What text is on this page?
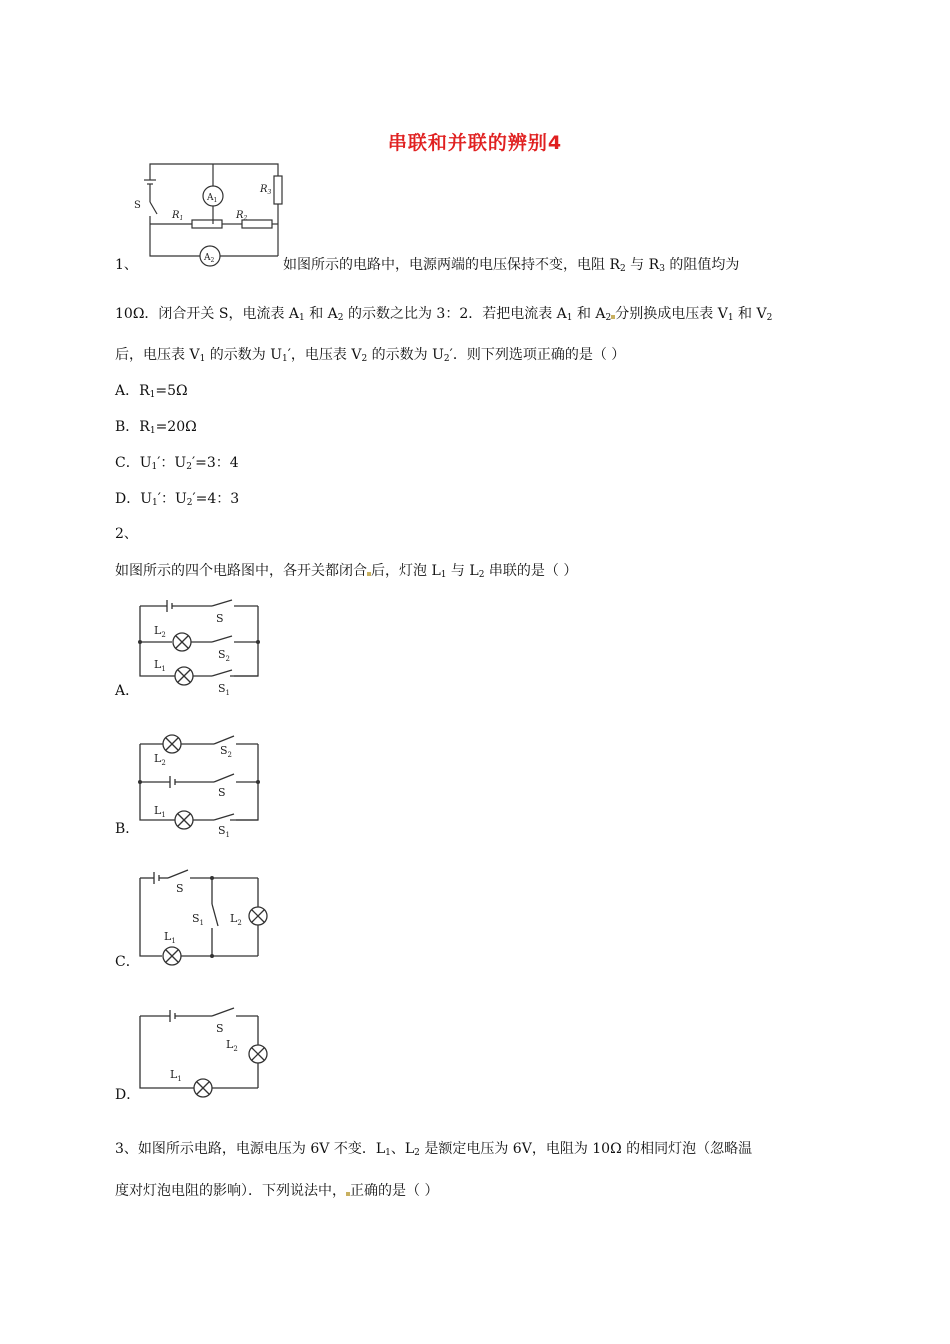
串联和并联的辨别4
S
$A_1$
$A_2$
$R_1$	$R_2$
$R_3$
1、	如图所示的电路中，电源两端的电压保持不变，电阻 $R_2$ 与 $R_3$ 的阻值均为
10Ω．闭合开关 S，电流表 $A_1$ 和 $A_2$ 的示数之比为 3：2．若把电流表 $A_1$ 和 $A_2$ 分别换成电压表 $V_1$ 和 $V_2$
后，电压表 $V_1$ 的示数为 $U_1'$，电压表 $V_2$ 的示数为 $U_2'$．则下列选项正确的是（ ）
A．$R_1=5\Omega$
B．$R_1=20\Omega$
C．$U_1'$：$U_2'=3$：4
D．$U_1'$：$U_2'=4$：3
2、
如图所示的四个电路图中，各开关都闭合 后，灯泡 $L_1$ 与 $L_2$ 串联的是（ ）
S
$L_2$
$S_2$
$L_1$
$S_1$
A．
$L_2$
$S_2$
S
$L_1$
$S_1$
B．
S
$S_1$ $L_2$
$L_1$
C．
S
$L_2$
$L_1$
D．
3、如图所示电路，电源电压为 6V 不变．$L_1$、$L_2$ 是额定电压为 6V，电阻为 10Ω 的相同灯泡（忽略温
度对灯泡电阻的影响）．下列说法中， 正确的是（ ）
